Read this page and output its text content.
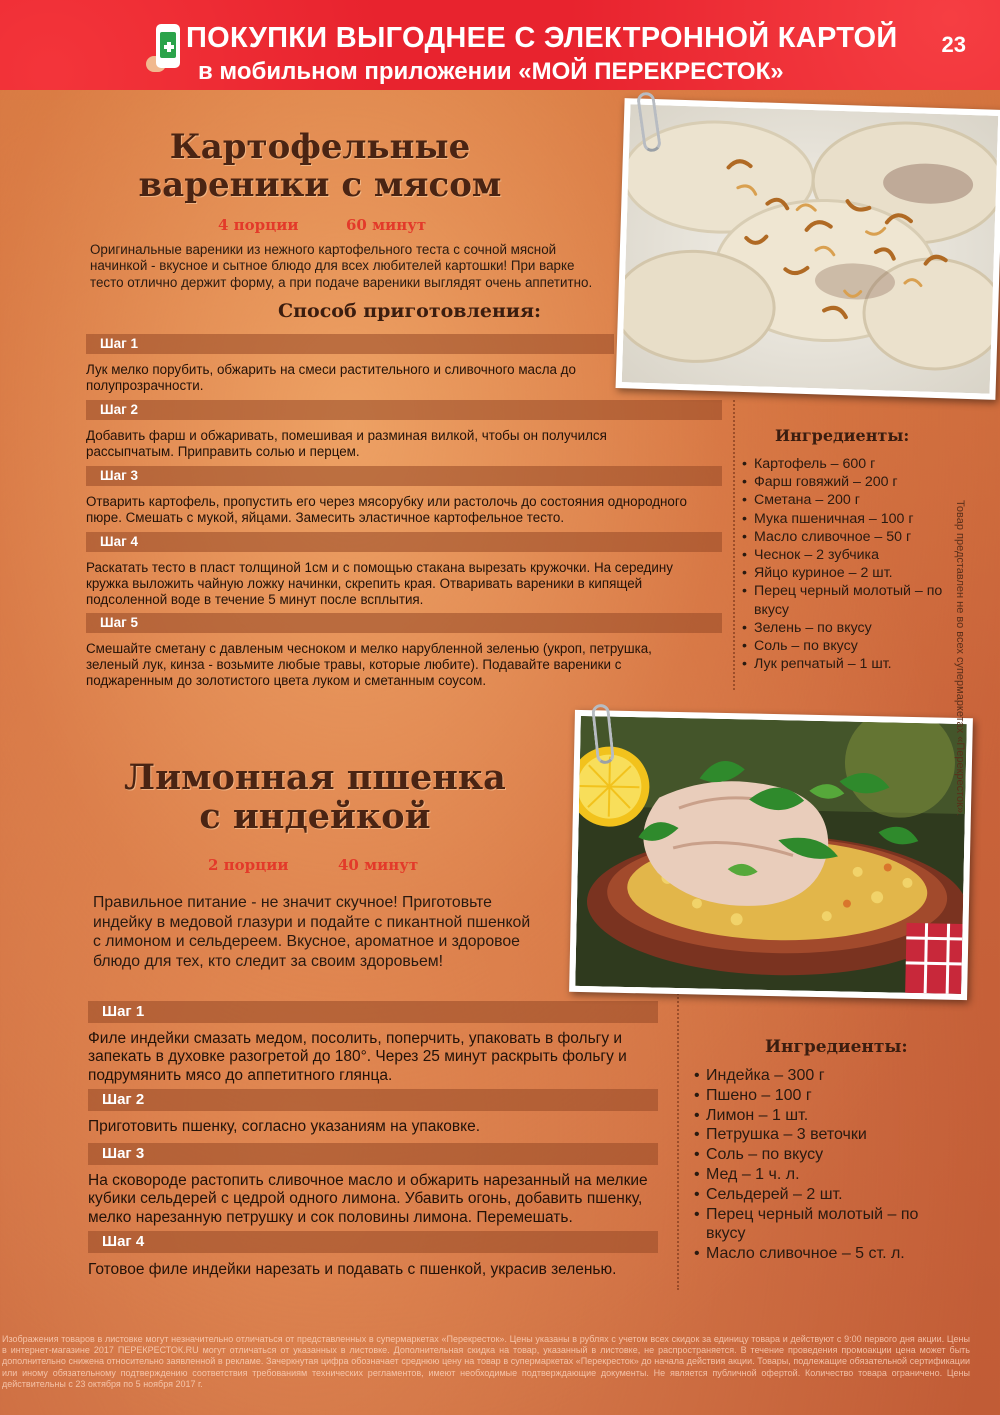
ПОКУПКИ ВЫГОДНЕЕ С ЭЛЕКТРОННОЙ КАРТОЙ
в мобильном приложении «МОЙ ПЕРЕКРЕСТОК»
23
Картофельные
вареники с мясом
4 порции	60 минут
Оригинальные вареники из нежного картофельного теста с сочной мясной начинкой - вкусное и сытное блюдо для всех любителей картошки! При варке тесто отлично держит форму, а при подаче вареники выглядят очень аппетитно.
Способ приготовления:
Шаг 1
Лук мелко порубить, обжарить на смеси растительного и сливочного масла до полупрозрачности.
Шаг 2
Добавить фарш и обжаривать, помешивая и разминая вилкой, чтобы он получился рассыпчатым. Приправить солью и перцем.
Шаг 3
Отварить картофель, пропустить его через мясорубку или растолочь до состояния однородного пюре. Смешать с мукой, яйцами. Замесить эластичное картофельное тесто.
Шаг 4
Раскатать тесто в пласт толщиной 1см и с помощью стакана вырезать кружочки. На середину кружка выложить чайную ложку начинки, скрепить края. Отваривать вареники в кипящей подсоленной воде в течение 5 минут после всплытия.
Шаг 5
Смешайте сметану с давленым чесноком и мелко нарубленной зеленью (укроп, петрушка, зеленый лук, кинза - возьмите любые травы, которые любите). Подавайте вареники с поджаренным до золотистого цвета луком и сметанным соусом.
Ингредиенты:
• Картофель – 600 г
• Фарш говяжий – 200 г
• Сметана – 200 г
• Мука пшеничная – 100 г
• Масло сливочное – 50 г
• Чеснок – 2 зубчика
• Яйцо куриное – 2 шт.
• Перец черный молотый – по вкусу
• Зелень – по вкусу
• Соль – по вкусу
• Лук репчатый – 1 шт.
Лимонная пшенка
с индейкой
2 порции	40 минут
Правильное питание - не значит скучное! Приготовьте индейку в медовой глазури и подайте с пикантной пшенкой с лимоном и сельдереем. Вкусное, ароматное и здоровое блюдо для тех, кто следит за своим здоровьем!
Шаг 1
Филе индейки смазать медом, посолить, поперчить, упаковать в фольгу и запекать в духовке разогретой до 180°. Через 25 минут раскрыть фольгу и подрумянить мясо до аппетитного глянца.
Шаг 2
Приготовить пшенку, согласно указаниям на упаковке.
Шаг 3
На сковороде растопить сливочное масло и обжарить нарезанный на мелкие кубики сельдерей с цедрой одного лимона. Убавить огонь, добавить пшенку, мелко нарезанную петрушку и сок половины лимона. Перемешать.
Шаг 4
Готовое филе индейки нарезать и подавать с пшенкой, украсив зеленью.
Ингредиенты:
• Индейка – 300 г
• Пшено – 100 г
• Лимон – 1 шт.
• Петрушка – 3 веточки
• Соль – по вкусу
• Мед – 1 ч. л.
• Сельдерей – 2 шт.
• Перец черный молотый – по вкусу
• Масло сливочное – 5 ст. л.
Товар представлен не во всех супермаркетах «Перекресток».
Изображения товаров в листовке могут незначительно отличаться от представленных в супермаркетах «Перекресток». Цены указаны в рублях с учетом всех скидок за единицу товара и действуют с 9:00 первого дня акции. Цены в интернет-магазине 2017 ПЕРЕКРЕСТОК.RU могут отличаться от указанных в листовке. Дополнительная скидка на товар, указанный в листовке, не распространяется. В течение проведения промоакции цена может быть дополнительно снижена относительно заявленной в рекламе. Зачеркнутая цифра обозначает среднюю цену на товар в супермаркетах «Перекресток» до начала действия акции. Товары, подлежащие обязательной сертификации или иному обязательному подтверждению соответствия требованиям технических регламентов, имеют необходимые подтверждающие документы. Не является публичной офертой. Количество товара ограничено. Цены действительны с 23 октября по 5 ноября 2017 г.
